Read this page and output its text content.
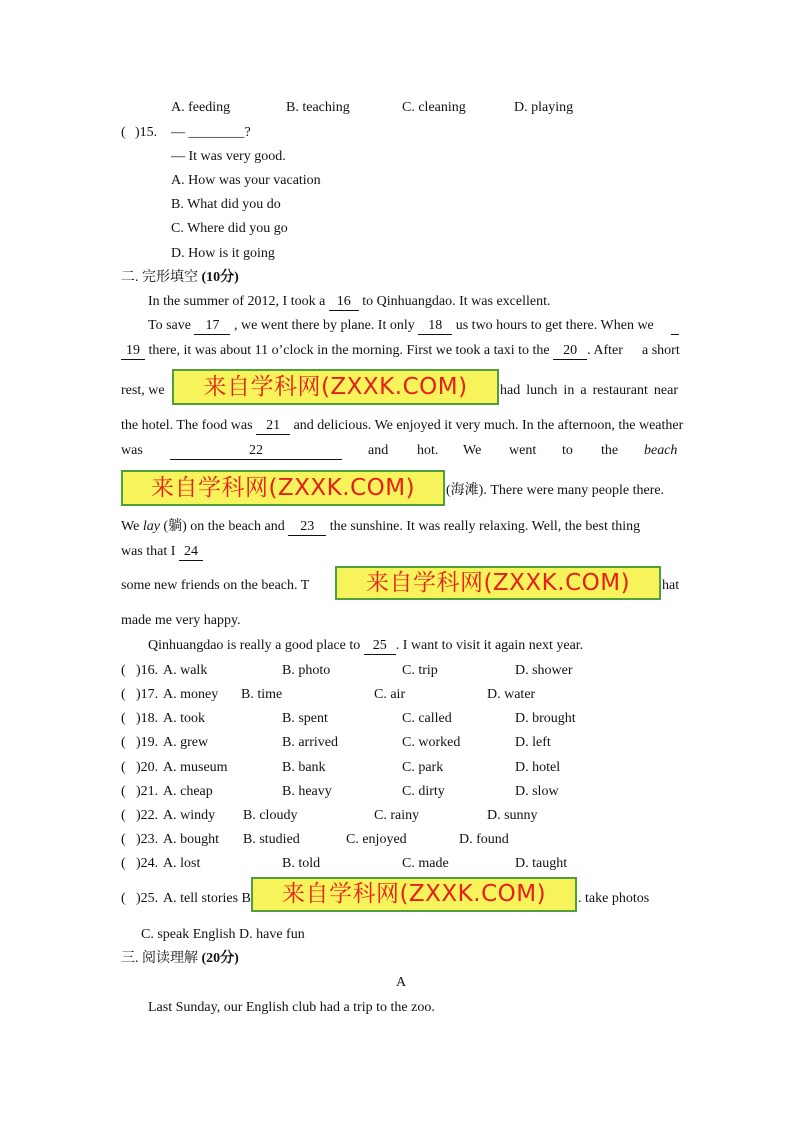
A. feeding	B. teaching	C. cleaning	D. playing
( )15. — ________?
— It was very good.
A. How was your vacation
B. What did you do
C. Where did you go
D. How is it going
二. 完形填空 (10分)
In the summer of 2012, I took a 16 to Qinhuangdao. It was excellent.
To save 17 , we went there by plane. It only 18 us two hours to get there. When we
19 there, it was about 11 o’clock in the morning. First we took a taxi to the 20 . After a short
rest, we 来自学科网(ZXXK.COM) had lunch in a restaurant near
the hotel. The food was 21 and delicious. We enjoyed it very much. In the afternoon, the weather
was	22	and hot. We went to the beach
来自学科网(ZXXK.COM) (海滩). There were many people there.
We lay (躺) on the beach and 23 the sunshine. It was really relaxing. Well, the best thing
was that I 24
some new friends on the beach. T 来自学科网(ZXXK.COM) hat
made me very happy.
Qinhuangdao is really a good place to 25 . I want to visit it again next year.
( )16. A. walk	B. photo	C. trip	D. shower
( )17. A. money B. time	C. air	D. water
( )18. A. took	B. spent	C. called	D. brought
( )19. A. grew	B. arrived	C. worked	D. left
( )20. A. museum	B. bank	C. park	D. hotel
( )21. A. cheap	B. heavy	C. dirty	D. slow
( )22. A. windy B. cloudy	C. rainy	D. sunny
( )23. A. bought B. studied	C. enjoyed	D. found
( )24. A. lost	B. told	C. made	D. taught
( )25. A. tell stories B 来自学科网(ZXXK.COM) . take photos
C. speak English D. have fun
三. 阅读理解 (20分)
A
Last Sunday, our English club had a trip to the zoo.
